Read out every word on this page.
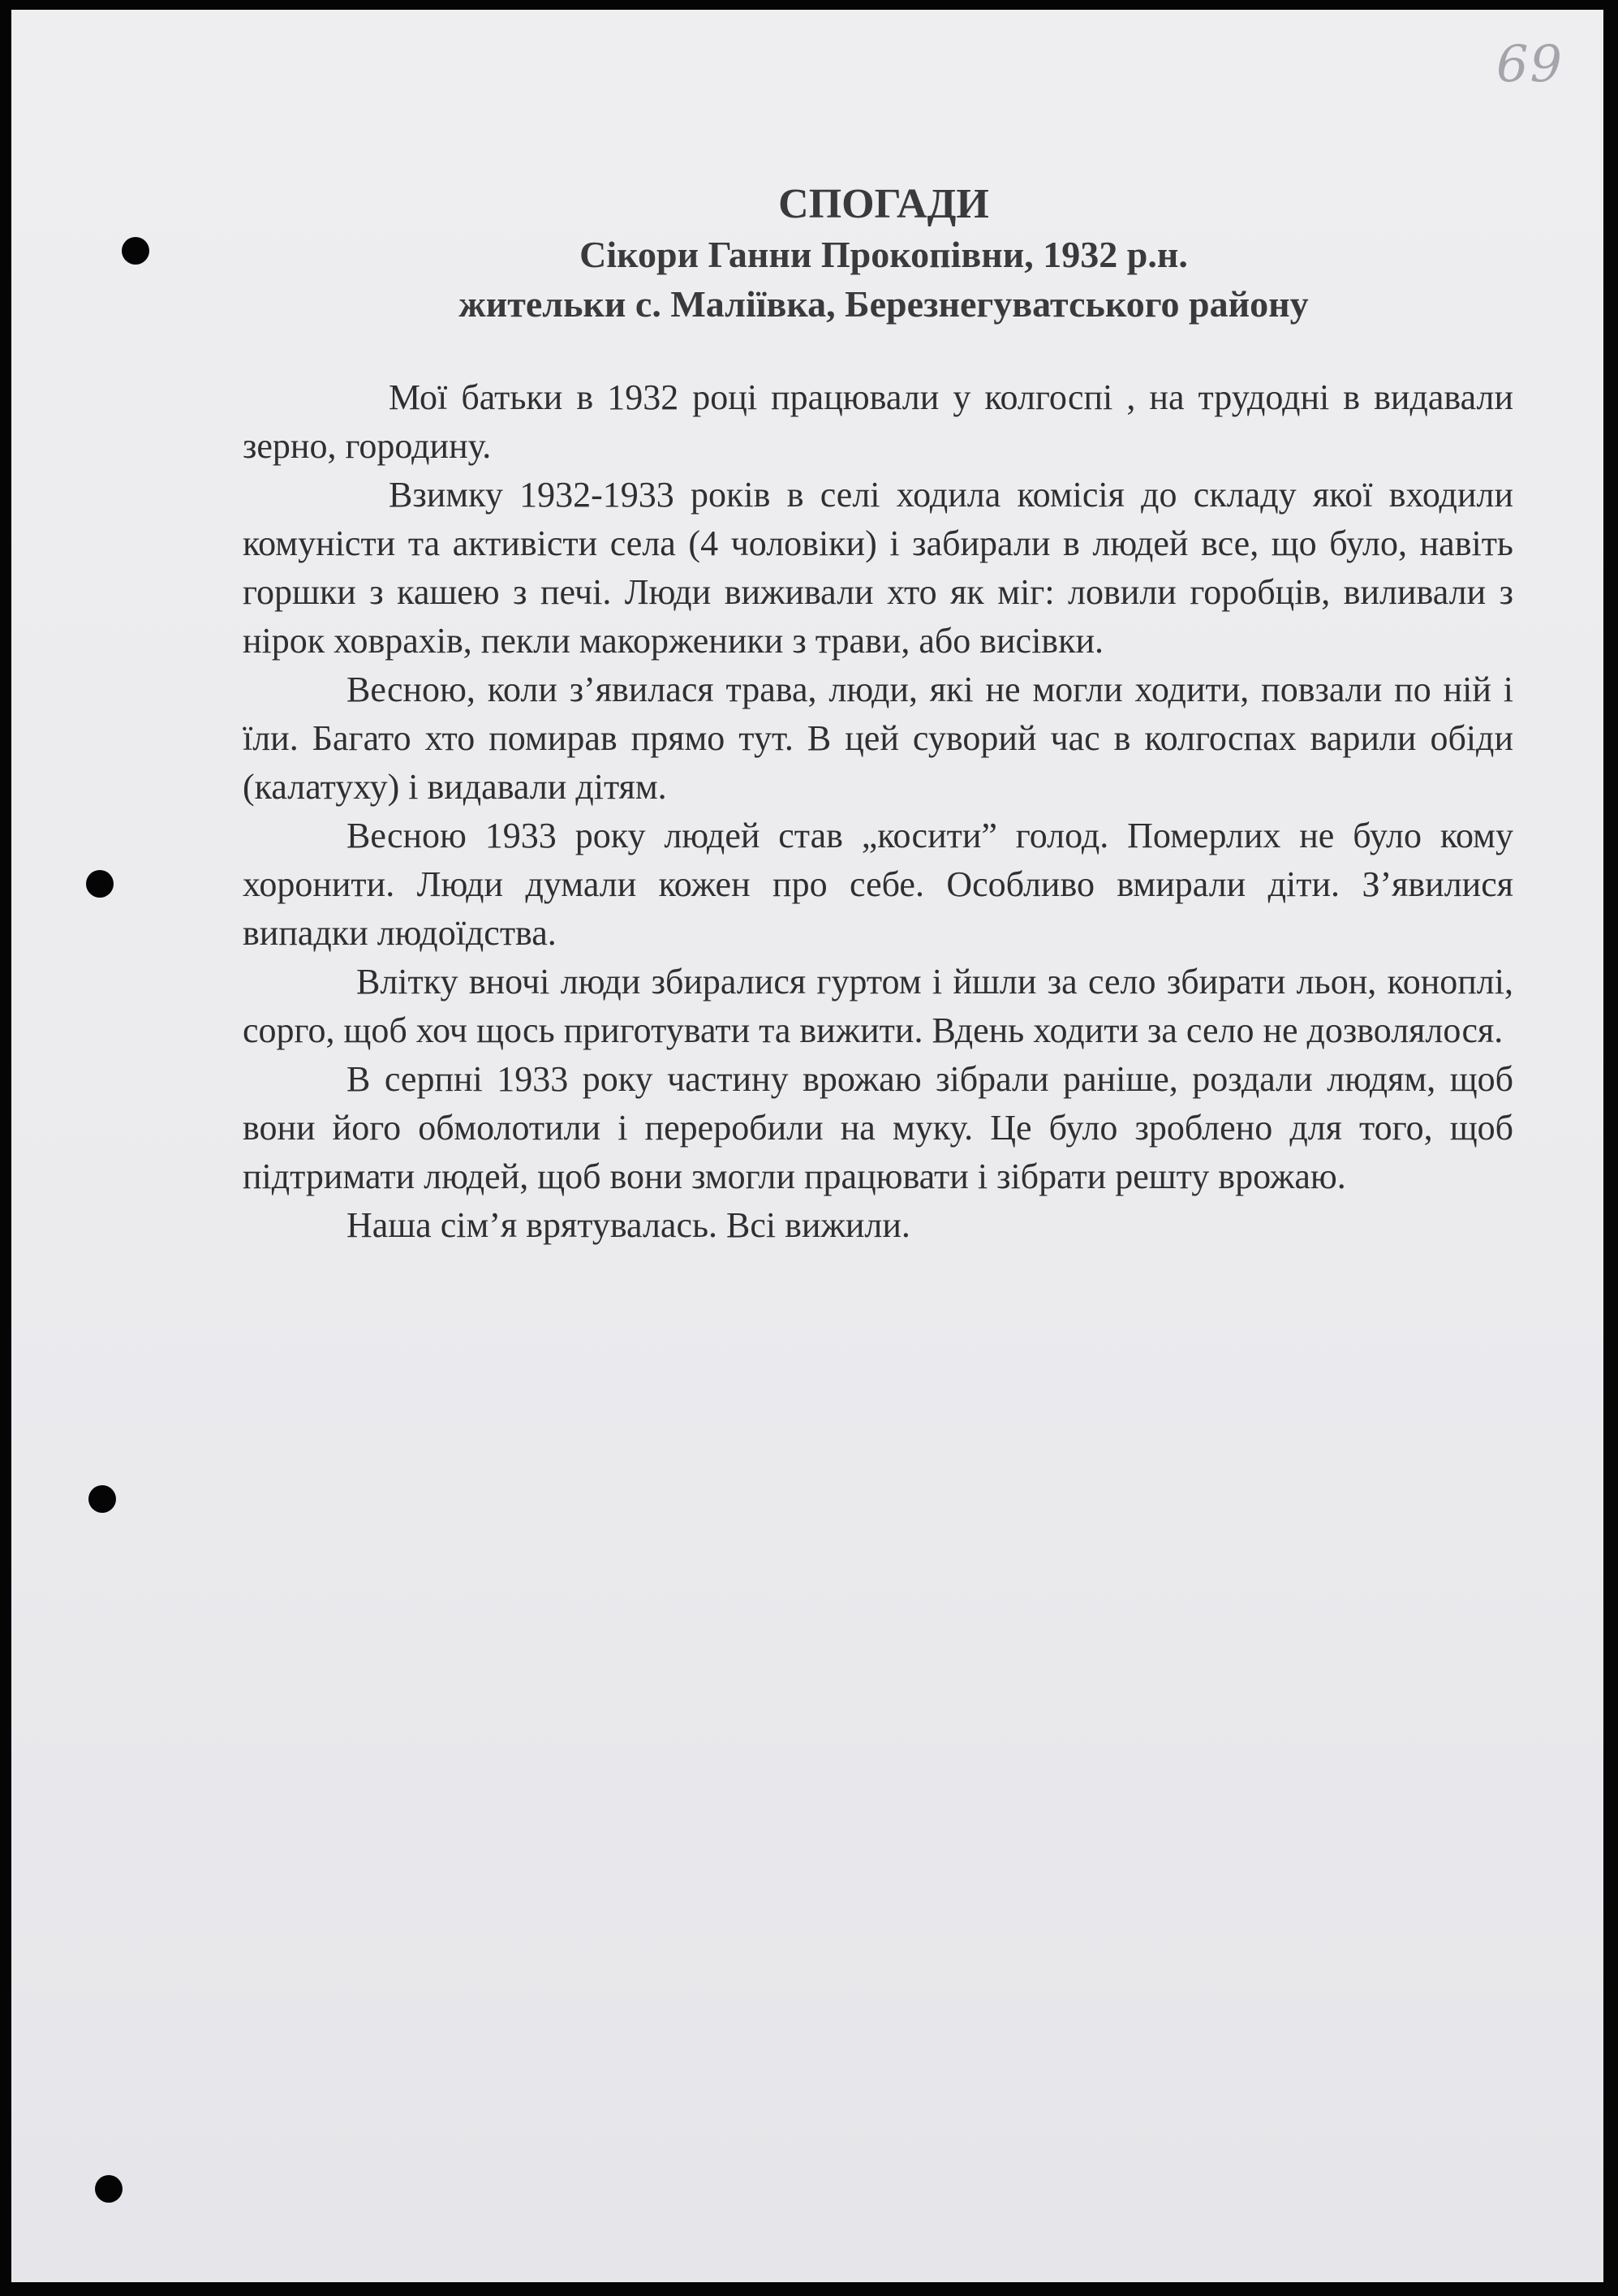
69
СПОГАДИ
Сікори Ганни Прокопівни, 1932 р.н.
жительки с. Маліївка, Березнегуватського району

Мої батьки в 1932 році працювали у колгоспі , на трудодні в видавали зерно, городину.

Взимку 1932-1933 років в селі ходила комісія до складу якої входили комуністи та активісти села (4 чоловіки) і забирали в людей все, що було, навіть горшки з кашею з печі. Люди виживали хто як міг: ловили горобців, виливали з нірок ховрахів, пекли макорженики з трави, або висівки.

Весною, коли з’явилася трава, люди, які не могли ходити, повзали по ній і їли. Багато хто помирав прямо тут. В цей суворий час в колгоспах варили обіди (калатуху) і видавали дітям.

Весною 1933 року людей став „косити” голод. Померлих не було кому хоронити. Люди думали кожен про себе. Особливо вмирали діти. З’явилися випадки людоїдства.

Влітку вночі люди збиралися гуртом і йшли за село збирати льон, коноплі, сорго, щоб хоч щось приготувати та вижити. Вдень ходити за село не дозволялося.

В серпні 1933 року частину врожаю зібрали раніше, роздали людям, щоб вони його обмолотили і переробили на муку. Це було зроблено для того, щоб підтримати людей, щоб вони змогли працювати і зібрати решту врожаю.

Наша сім’я врятувалась. Всі вижили.
